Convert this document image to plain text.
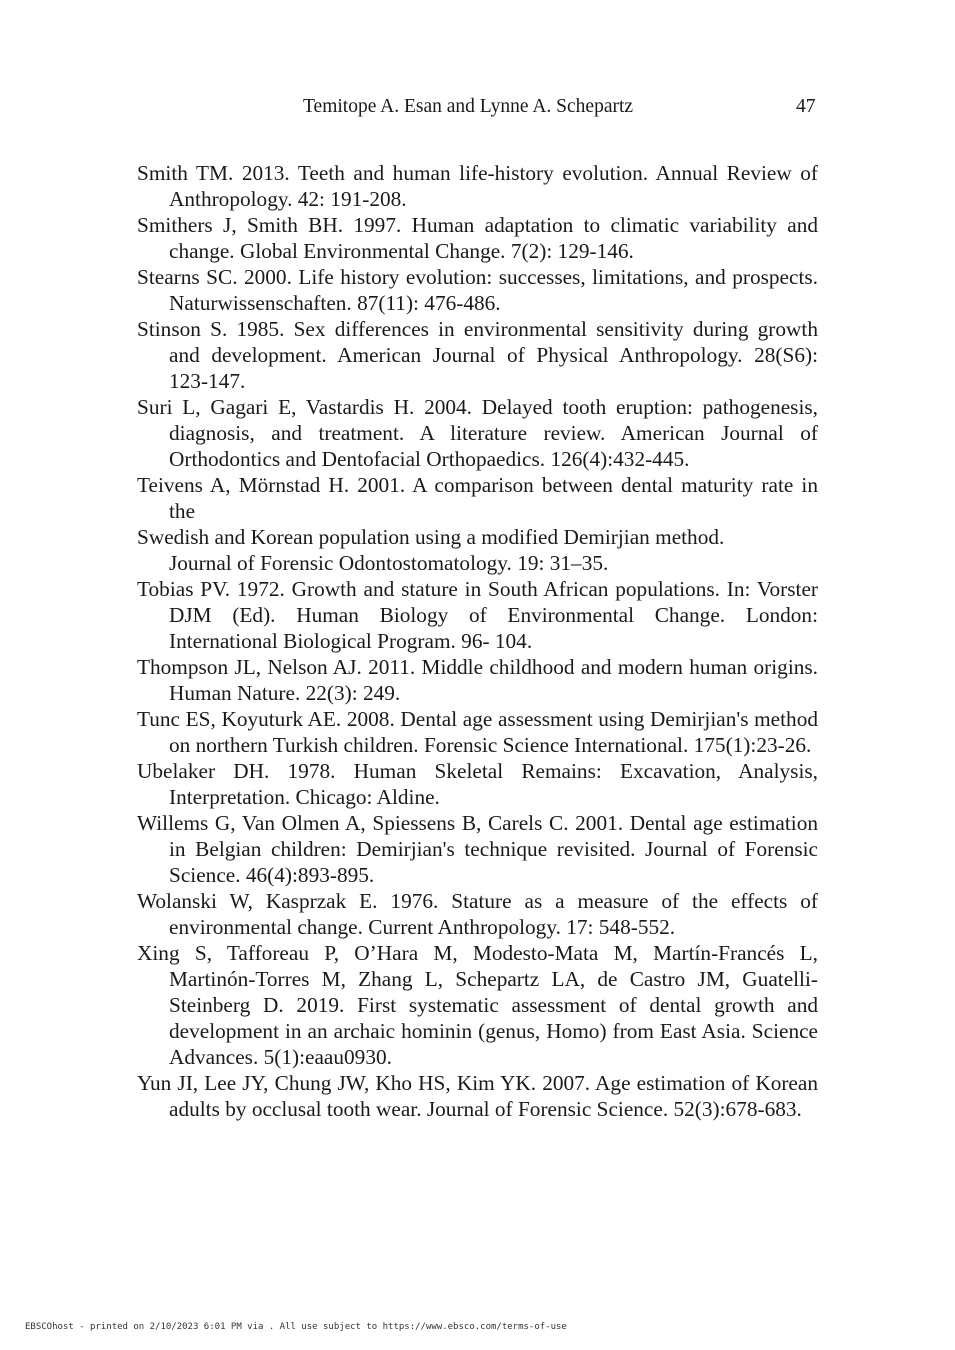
Temitope A. Esan and Lynne A. Schepartz	47
Smith TM. 2013. Teeth and human life-history evolution. Annual Review of Anthropology. 42: 191-208.
Smithers J, Smith BH. 1997. Human adaptation to climatic variability and change. Global Environmental Change. 7(2): 129-146.
Stearns SC. 2000. Life history evolution: successes, limitations, and prospects. Naturwissenschaften. 87(11): 476-486.
Stinson S. 1985. Sex differences in environmental sensitivity during growth and development. American Journal of Physical Anthropology. 28(S6): 123-147.
Suri L, Gagari E, Vastardis H. 2004. Delayed tooth eruption: pathogenesis, diagnosis, and treatment. A literature review. American Journal of Orthodontics and Dentofacial Orthopaedics. 126(4):432-445.
Teivens A, Mörnstad H. 2001. A comparison between dental maturity rate in the
Swedish and Korean population using a modified Demirjian method.
Journal of Forensic Odontostomatology. 19: 31–35.
Tobias PV. 1972. Growth and stature in South African populations. In: Vorster DJM (Ed). Human Biology of Environmental Change. London: International Biological Program. 96- 104.
Thompson JL, Nelson AJ. 2011. Middle childhood and modern human origins. Human Nature. 22(3): 249.
Tunc ES, Koyuturk AE. 2008. Dental age assessment using Demirjian's method on northern Turkish children. Forensic Science International. 175(1):23-26.
Ubelaker DH. 1978. Human Skeletal Remains: Excavation, Analysis, Interpretation. Chicago: Aldine.
Willems G, Van Olmen A, Spiessens B, Carels C. 2001. Dental age estimation in Belgian children: Demirjian's technique revisited. Journal of Forensic Science. 46(4):893-895.
Wolanski W, Kasprzak E. 1976. Stature as a measure of the effects of environmental change. Current Anthropology. 17: 548-552.
Xing S, Tafforeau P, O’Hara M, Modesto-Mata M, Martín-Francés L, Martinón-Torres M, Zhang L, Schepartz LA, de Castro JM, Guatelli-Steinberg D. 2019. First systematic assessment of dental growth and development in an archaic hominin (genus, Homo) from East Asia. Science Advances. 5(1):eaau0930.
Yun JI, Lee JY, Chung JW, Kho HS, Kim YK. 2007. Age estimation of Korean adults by occlusal tooth wear. Journal of Forensic Science. 52(3):678-683.
EBSCOhost - printed on 2/10/2023 6:01 PM via . All use subject to https://www.ebsco.com/terms-of-use
